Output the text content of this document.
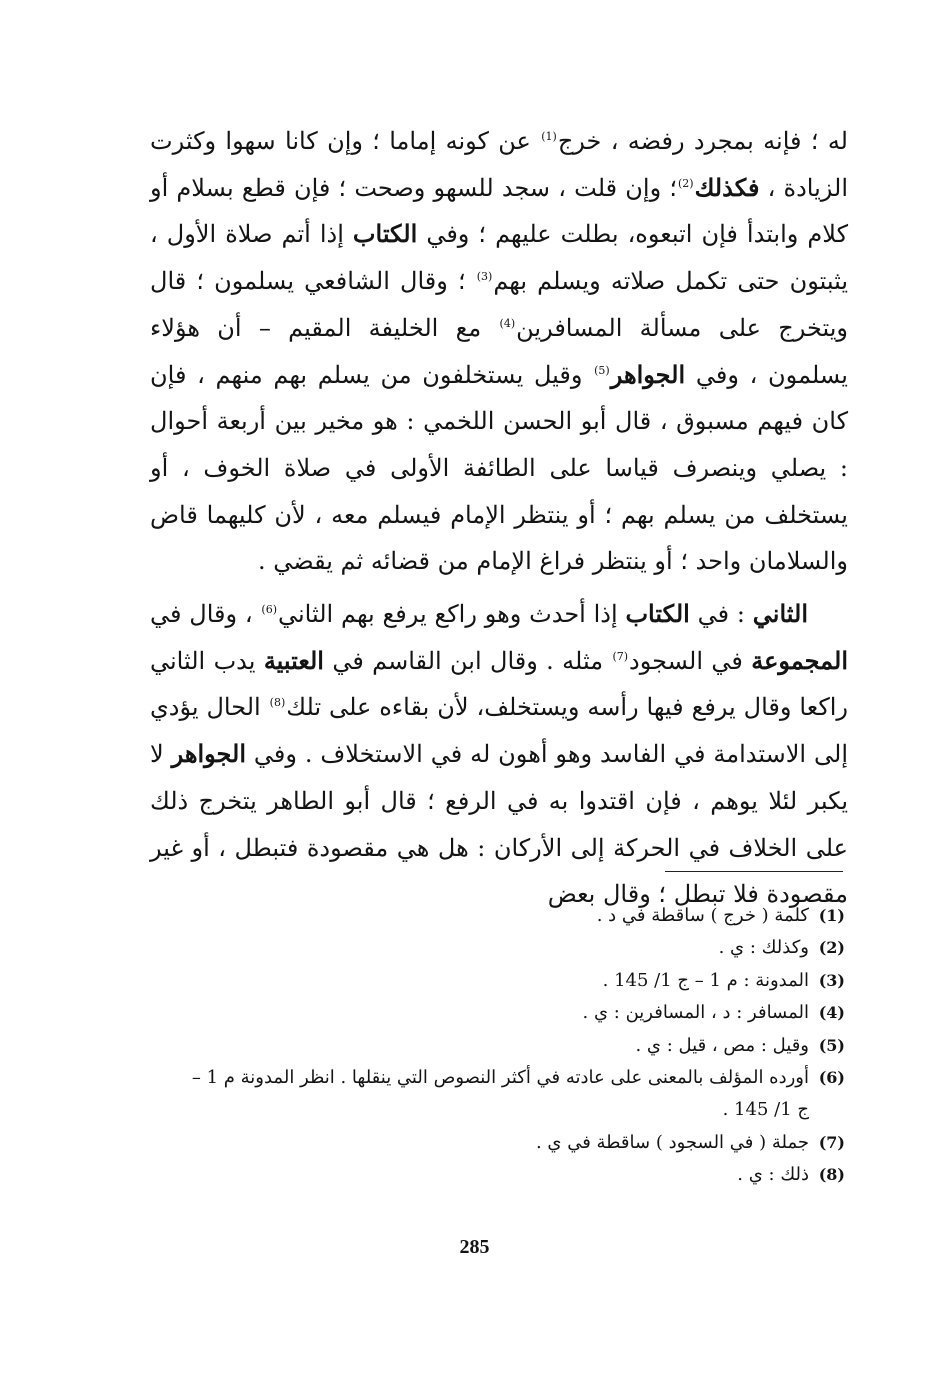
له ؛ فإنه بمجرد رفضه ، خرج$^{(1)}$ عن كونه إماما ؛ وإن كانا سهوا وكثرت الزيادة ، فكذلك$^{(2)}$؛ وإن قلت ، سجد للسهو وصحت ؛ فإن قطع بسلام أو كلام وابتدأ فإن اتبعوه، بطلت عليهم ؛ وفي الكتاب إذا أتم صلاة الأول ، يثبتون حتى تكمل صلاته ويسلم بهم$^{(3)}$ ؛ وقال الشافعي يسلمون ؛ قال ويتخرج على مسألة المسافرين$^{(4)}$ مع الخليفة المقيم – أن هؤلاء يسلمون ، وفي الجواهر$^{(5)}$ وقيل يستخلفون من يسلم بهم منهم ، فإن كان فيهم مسبوق ، قال أبو الحسن اللخمي : هو مخير بين أربعة أحوال : يصلي وينصرف قياسا على الطائفة الأولى في صلاة الخوف ، أو يستخلف من يسلم بهم ؛ أو ينتظر الإمام فيسلم معه ، لأن كليهما قاض والسلامان واحد ؛ أو ينتظر فراغ الإمام من قضائه ثم يقضي .

الثاني : في الكتاب إذا أحدث وهو راكع يرفع بهم الثاني$^{(6)}$ ، وقال في المجموعة في السجود$^{(7)}$ مثله . وقال ابن القاسم في العتبية يدب الثاني راكعا وقال يرفع فيها رأسه ويستخلف، لأن بقاءه على تلك$^{(8)}$ الحال يؤدي إلى الاستدامة في الفاسد وهو أهون له في الاستخلاف . وفي الجواهر لا يكبر لئلا يوهم ، فإن اقتدوا به في الرفع ؛ قال أبو الطاهر يتخرج ذلك على الخلاف في الحركة إلى الأركان : هل هي مقصودة فتبطل ، أو غير مقصودة فلا تبطل ؛ وقال بعض

(1)
كلمة ( خرج ) ساقطة في د .
(2)
وكذلك : ي .
(3)
المدونة : م 1 – ج 1/ 145 .
(4)
المسافر : د ، المسافرين : ي .
(5)
وقيل : مص ، قيل : ي .
(6)
أورده المؤلف بالمعنى على عادته في أكثر النصوص التي ينقلها . انظر المدونة م 1 – ج 1/ 145 .
(7)
جملة ( في السجود ) ساقطة في ي .
(8)
ذلك : ي .
285
